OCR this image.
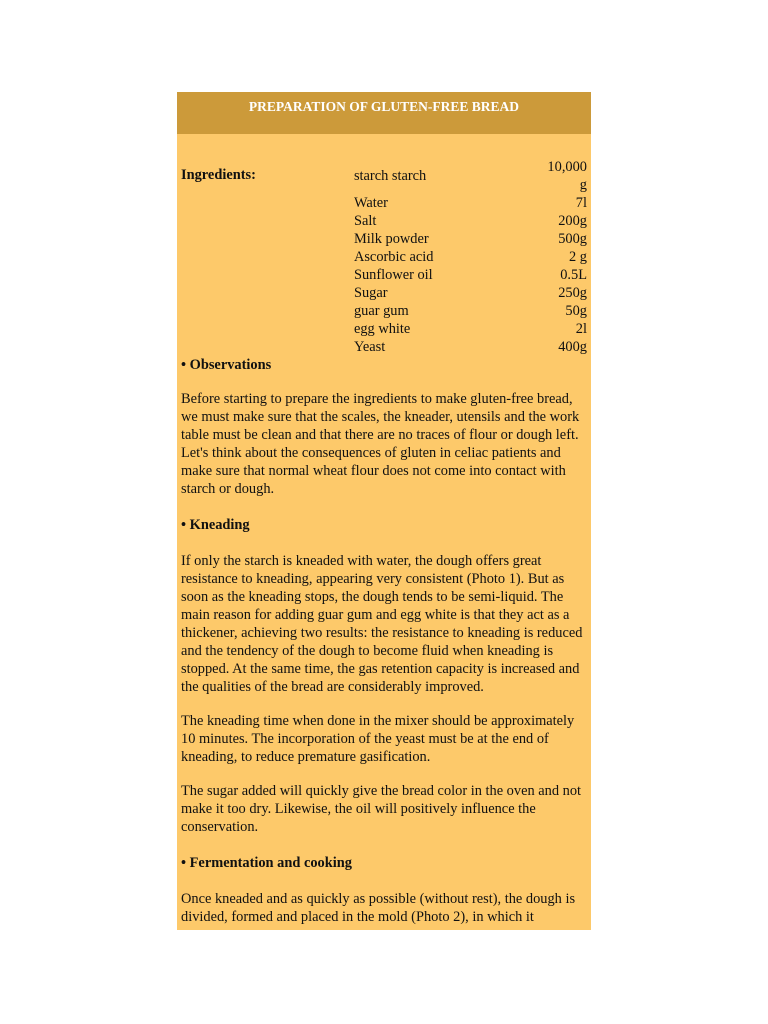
PREPARATION OF GLUTEN-FREE BREAD
Ingredients:	starch starch	10,000 g
	Water	7l
	Salt	200g
	Milk powder	500g
	Ascorbic acid	2 g
	Sunflower oil	0.5L
	Sugar	250g
	guar gum	50g
	egg white	2l
	Yeast	400g

• Observations

Before starting to prepare the ingredients to make gluten-free bread, we must make sure that the scales, the kneader, utensils and the work table must be clean and that there are no traces of flour or dough left. Let's think about the consequences of gluten in celiac patients and make sure that normal wheat flour does not come into contact with starch or dough.

• Kneading

If only the starch is kneaded with water, the dough offers great resistance to kneading, appearing very consistent (Photo 1). But as soon as the kneading stops, the dough tends to be semi-liquid. The main reason for adding guar gum and egg white is that they act as a thickener, achieving two results: the resistance to kneading is reduced and the tendency of the dough to become fluid when kneading is stopped. At the same time, the gas retention capacity is increased and the qualities of the bread are considerably improved.

The kneading time when done in the mixer should be approximately 10 minutes. The incorporation of the yeast must be at the end of kneading, to reduce premature gasification.

The sugar added will quickly give the bread color in the oven and not make it too dry. Likewise, the oil will positively influence the conservation.

• Fermentation and cooking

Once kneaded and as quickly as possible (without rest), the dough is divided, formed and placed in the mold (Photo 2), in which it
